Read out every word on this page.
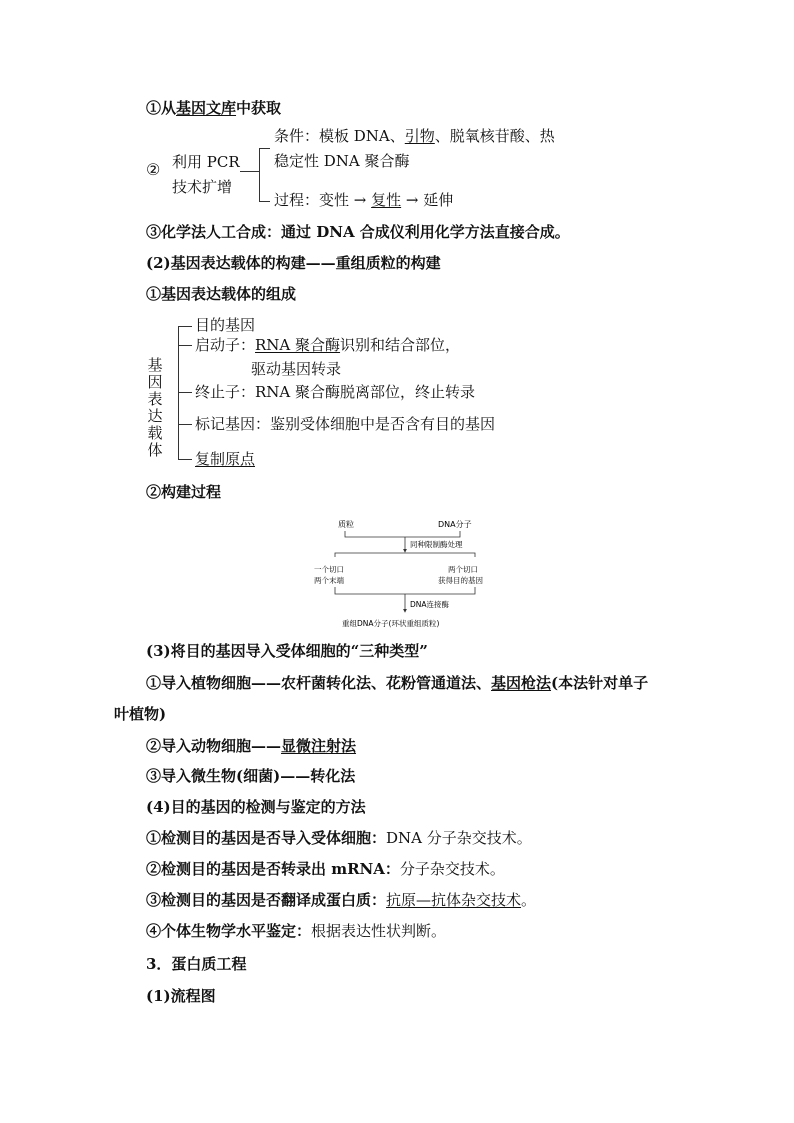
①从基因文库中获取
② 利用 PCR
技术扩增
条件：模板 DNA、引物、脱氧核苷酸、热
稳定性 DNA 聚合酶
过程：变性 → 复性 → 延伸
③化学法人工合成：通过 DNA 合成仪利用化学方法直接合成。
(2)基因表达载体的构建——重组质粒的构建
①基因表达载体的组成
基因表达载体
目的基因
启动子：RNA 聚合酶识别和结合部位，
驱动基因转录
终止子：RNA 聚合酶脱离部位，终止转录
标记基因：鉴别受体细胞中是否含有目的基因
复制原点
②构建过程
质粒	DNA分子
同种限制酶处理
一个切口
两个末端
两个切口
获得目的基因
DNA连接酶
重组DNA分子(环状重组质粒)
(3)将目的基因导入受体细胞的“三种类型”
①导入植物细胞——农杆菌转化法、花粉管通道法、基因枪法(本法针对单子
叶植物)
②导入动物细胞——显微注射法
③导入微生物(细菌)——转化法
(4)目的基因的检测与鉴定的方法
①检测目的基因是否导入受体细胞：DNA 分子杂交技术。
②检测目的基因是否转录出 mRNA：分子杂交技术。
③检测目的基因是否翻译成蛋白质：抗原—抗体杂交技术。
④个体生物学水平鉴定：根据表达性状判断。
3．蛋白质工程
(1)流程图
